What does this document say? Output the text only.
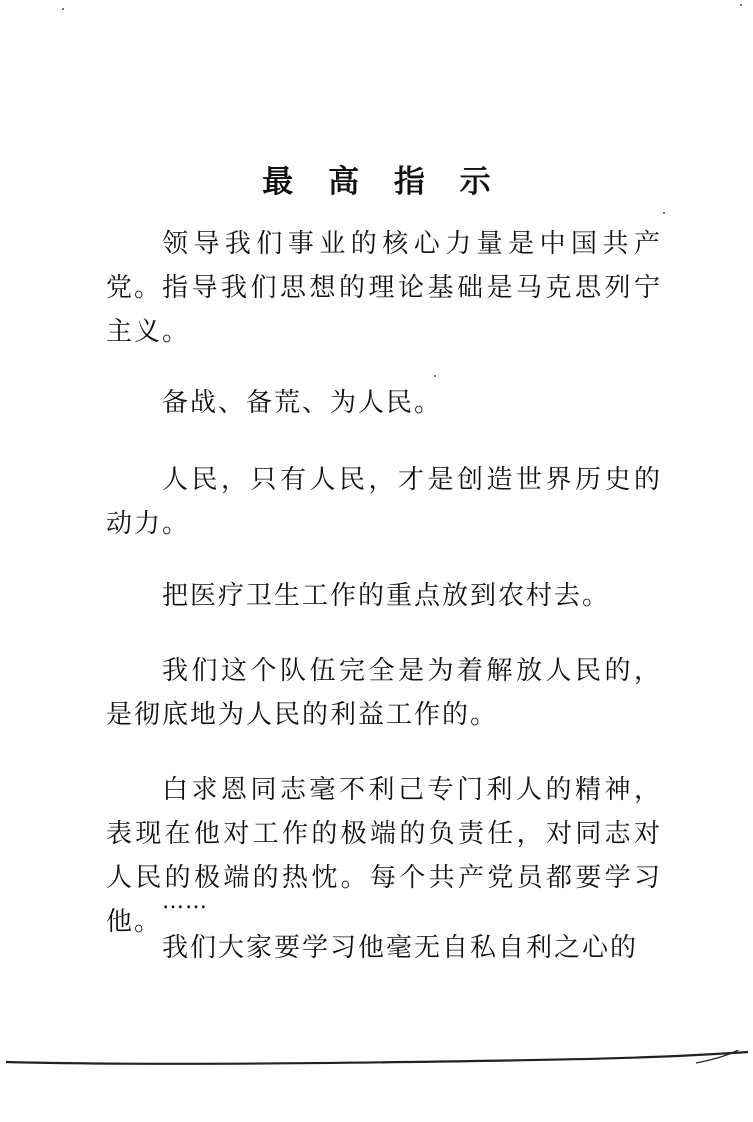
最 高 指 示

领导我们事业的核心力量是中国共产党。 指导我们思想的理论基础是马克思列宁主义。

备战、备荒、为人民。

人民，只有人民，才是创造世界历史的动力。

把医疗卫生工作的重点放到农村去。

我们这个队伍完全是为着解放人民的，是彻底地为人民的利益工作的。

白求恩同志毫不利己专门利人的精神，表现在他对工作的极端的负责任，对同志对人民的极端的热忱。每个共产党员都要学习他。

……

我们大家要学习他毫无自私自利之心的
